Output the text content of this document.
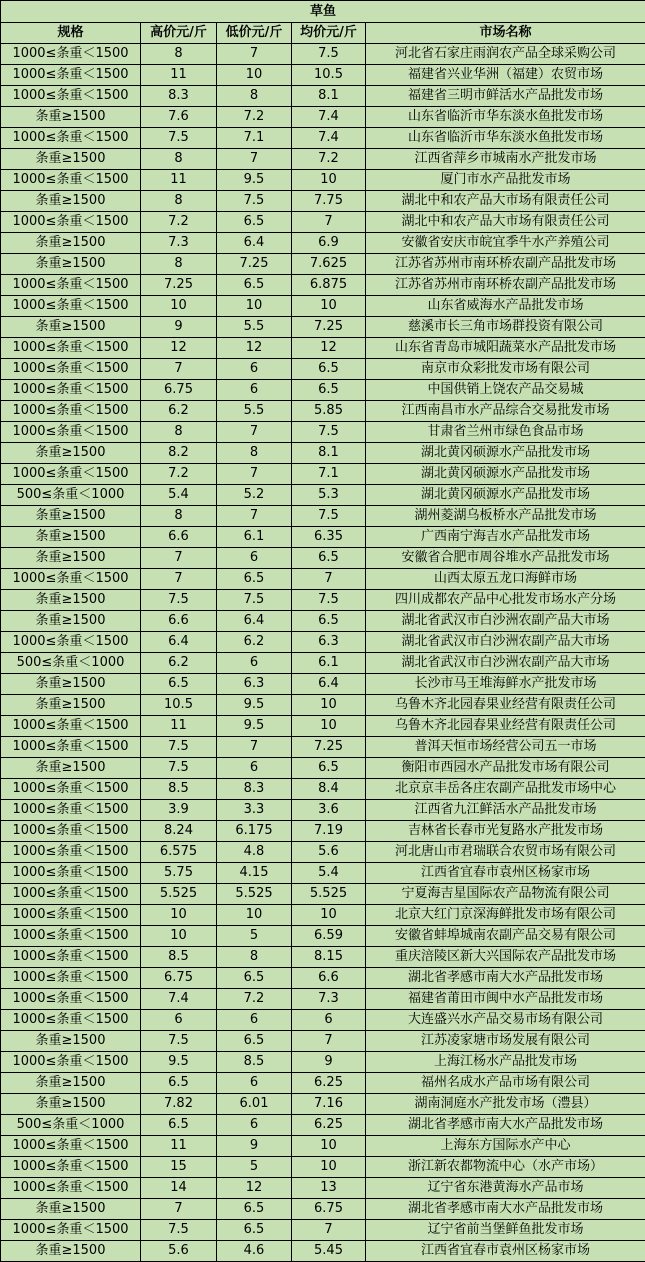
草鱼				
规格	高价元/斤	低价元/斤	均价元/斤	市场名称
1000≤条重＜1500	8	7	7.5	河北省石家庄雨润农产品全球采购公司
1000≤条重＜1500	11	10	10.5	福建省兴业华洲（福建）农贸市场
1000≤条重＜1500	8.3	8	8.1	福建省三明市鲜活水产品批发市场
条重≥1500	7.6	7.2	7.4	山东省临沂市华东淡水鱼批发市场
1000≤条重＜1500	7.5	7.1	7.4	山东省临沂市华东淡水鱼批发市场
条重≥1500	8	7	7.2	江西省萍乡市城南水产批发市场
1000≤条重＜1500	11	9.5	10	厦门市水产品批发市场
条重≥1500	8	7.5	7.75	湖北中和农产品大市场有限责任公司
1000≤条重＜1500	7.2	6.5	7	湖北中和农产品大市场有限责任公司
条重≥1500	7.3	6.4	6.9	安徽省安庆市皖宜季牛水产养殖公司
条重≥1500	8	7.25	7.625	江苏省苏州市南环桥农副产品批发市场
1000≤条重＜1500	7.25	6.5	6.875	江苏省苏州市南环桥农副产品批发市场
1000≤条重＜1500	10	10	10	山东省威海水产品批发市场
条重≥1500	9	5.5	7.25	慈溪市长三角市场群投资有限公司
1000≤条重＜1500	12	12	12	山东省青岛市城阳蔬菜水产品批发市场
1000≤条重＜1500	7	6	6.5	南京市众彩批发市场有限公司
1000≤条重＜1500	6.75	6	6.5	中国供销上饶农产品交易城
1000≤条重＜1500	6.2	5.5	5.85	江西南昌市水产品综合交易批发市场
1000≤条重＜1500	8	7	7.5	甘肃省兰州市绿色食品市场
条重≥1500	8.2	8	8.1	湖北黄冈硕源水产品批发市场
1000≤条重＜1500	7.2	7	7.1	湖北黄冈硕源水产品批发市场
500≤条重＜1000	5.4	5.2	5.3	湖北黄冈硕源水产品批发市场
条重≥1500	8	7	7.5	湖州菱湖乌板桥水产品批发市场
条重≥1500	6.6	6.1	6.35	广西南宁海吉水产品批发市场
条重≥1500	7	6	6.5	安徽省合肥市周谷堆水产品批发市场
1000≤条重＜1500	7	6.5	7	山西太原五龙口海鲜市场
条重≥1500	7.5	7.5	7.5	四川成都农产品中心批发市场水产分场
条重≥1500	6.6	6.4	6.5	湖北省武汉市白沙洲农副产品大市场
1000≤条重＜1500	6.4	6.2	6.3	湖北省武汉市白沙洲农副产品大市场
500≤条重＜1000	6.2	6	6.1	湖北省武汉市白沙洲农副产品大市场
条重≥1500	6.5	6.3	6.4	长沙市马王堆海鲜水产批发市场
条重≥1500	10.5	9.5	10	乌鲁木齐北园春果业经营有限责任公司
1000≤条重＜1500	11	9.5	10	乌鲁木齐北园春果业经营有限责任公司
1000≤条重＜1500	7.5	7	7.25	普洱天恒市场经营公司五一市场
条重≥1500	7.5	6	6.5	衡阳市西园水产品批发市场有限公司
1000≤条重＜1500	8.5	8.3	8.4	北京京丰岳各庄农副产品批发市场中心
1000≤条重＜1500	3.9	3.3	3.6	江西省九江鲜活水产品批发市场
1000≤条重＜1500	8.24	6.175	7.19	吉林省长春市光复路水产批发市场
1000≤条重＜1500	6.575	4.8	5.6	河北唐山市君瑞联合农贸市场有限公司
1000≤条重＜1500	5.75	4.15	5.4	江西省宜春市袁州区杨家市场
1000≤条重＜1500	5.525	5.525	5.525	宁夏海吉星国际农产品物流有限公司
1000≤条重＜1500	10	10	10	北京大红门京深海鲜批发市场有限公司
1000≤条重＜1500	10	5	6.59	安徽省蚌埠城南农副产品交易有限公司
1000≤条重＜1500	8.5	8	8.15	重庆涪陵区新大兴国际农产品批发市场
1000≤条重＜1500	6.75	6.5	6.6	湖北省孝感市南大水产品批发市场
1000≤条重＜1500	7.4	7.2	7.3	福建省莆田市闽中水产品批发市场
1000≤条重＜1500	6	6	6	大连盛兴水产品交易市场有限公司
条重≥1500	7.5	6.5	7	江苏凌家塘市场发展有限公司
1000≤条重＜1500	9.5	8.5	9	上海江杨水产品批发市场
条重≥1500	6.5	6	6.25	福州名成水产品市场有限公司
条重≥1500	7.82	6.01	7.16	湖南洞庭水产批发市场（澧县）
500≤条重＜1000	6.5	6	6.25	湖北省孝感市南大水产品批发市场
1000≤条重＜1500	11	9	10	上海东方国际水产中心
1000≤条重＜1500	15	5	10	浙江新农都物流中心（水产市场）
1000≤条重＜1500	14	12	13	辽宁省东港黄海水产品市场
条重≥1500	7	6.5	6.75	湖北省孝感市南大水产品批发市场
1000≤条重＜1500	7.5	6.5	7	辽宁省前当堡鲜鱼批发市场
条重≥1500	5.6	4.6	5.45	江西省宜春市袁州区杨家市场
